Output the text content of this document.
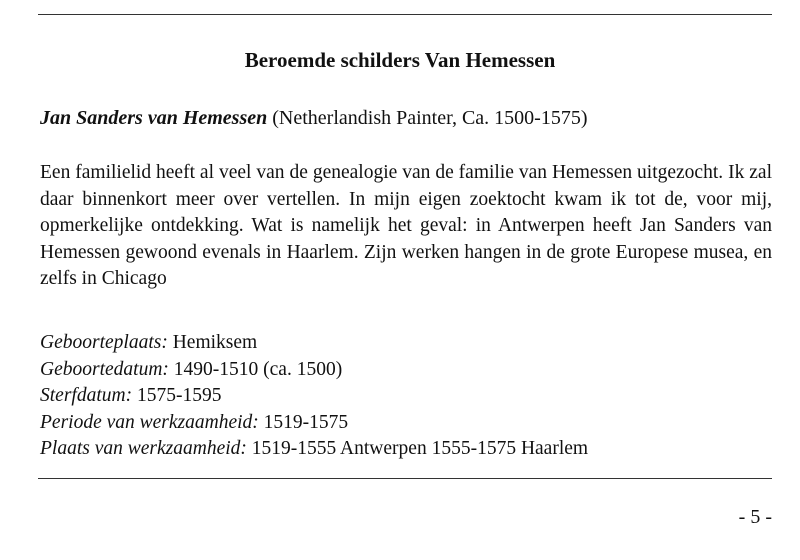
Beroemde schilders Van Hemessen
Jan Sanders van Hemessen (Netherlandish Painter, Ca. 1500-1575)
Een familielid heeft al veel van de genealogie van de familie van Hemessen uitgezocht. Ik zal daar binnenkort meer over vertellen. In mijn eigen zoektocht kwam ik tot de, voor mij, opmerkelijke ontdekking. Wat is namelijk het geval: in Antwerpen heeft Jan Sanders van Hemessen gewoond evenals in Haarlem. Zijn werken hangen in de grote Europese musea, en zelfs in Chicago
Geboorteplaats: Hemiksem
Geboortedatum: 1490-1510 (ca. 1500)
Sterfdatum: 1575-1595
Periode van werkzaamheid: 1519-1575
Plaats van werkzaamheid: 1519-1555 Antwerpen 1555-1575 Haarlem
- 5 -
